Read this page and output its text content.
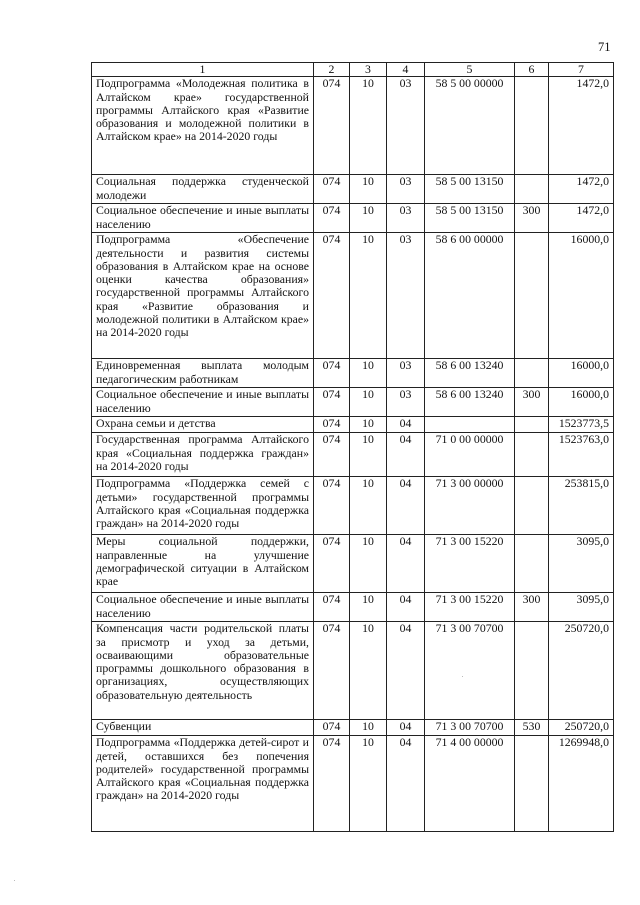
71
1	2	3	4	5	6	7
Подпрограмма «Молодежная политика в Алтайском крае» государственной программы Алтайского края «Развитие образования и молодежной политики в Алтайском крае» на 2014-2020 годы	074	10	03	58 5 00 00000		1472,0
Социальная поддержка студенческой молодежи	074	10	03	58 5 00 13150		1472,0
Социальное обеспечение и иные выплаты населению	074	10	03	58 5 00 13150	300	1472,0
Подпрограмма «Обеспечение деятельности и развития системы образования в Алтайском крае на основе оценки качества образования» государственной программы Алтайского края «Развитие образования и молодежной политики в Алтайском крае» на 2014-2020 годы	074	10	03	58 6 00 00000		16000,0
Единовременная выплата молодым педагогическим работникам	074	10	03	58 6 00 13240		16000,0
Социальное обеспечение и иные выплаты населению	074	10	03	58 6 00 13240	300	16000,0
Охрана семьи и детства	074	10	04			1523773,5
Государственная программа Алтайского края «Социальная поддержка граждан» на 2014-2020 годы	074	10	04	71 0 00 00000		1523763,0
Подпрограмма «Поддержка семей с детьми» государственной программы Алтайского края «Социальная поддержка граждан» на 2014-2020 годы	074	10	04	71 3 00 00000		253815,0
Меры социальной поддержки, направленные на улучшение демографической ситуации в Алтайском крае	074	10	04	71 3 00 15220		3095,0
Социальное обеспечение и иные выплаты населению	074	10	04	71 3 00 15220	300	3095,0
Компенсация части родительской платы за присмотр и уход за детьми, осваивающими образовательные программы дошкольного образования в организациях, осуществляющих образовательную деятельность	074	10	04	71 3 00 70700		250720,0
Субвенции	074	10	04	71 3 00 70700	530	250720,0
Подпрограмма «Поддержка детей-сирот и детей, оставшихся без попечения родителей» государственной программы Алтайского края «Социальная поддержка граждан» на 2014-2020 годы	074	10	04	71 4 00 00000		1269948,0
